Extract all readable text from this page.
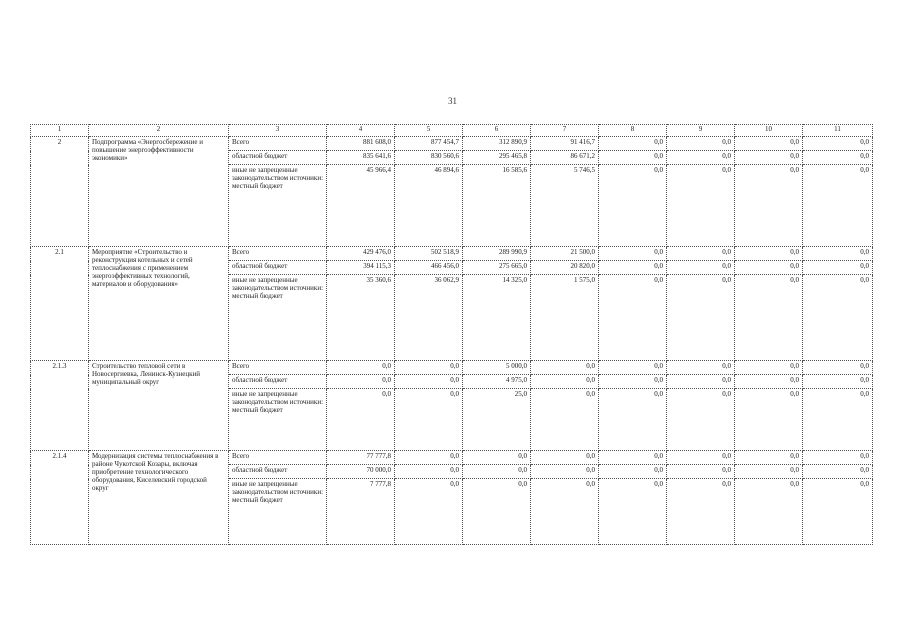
31
1	2	3	4	5	6	7	8	9	10	11
2	Подпрограмма «Энергосбережение и повышение энергоэффективности экономики»	Всего	881 608,0	877 454,7	312 890,9	91 416,7	0,0	0,0	0,0	0,0
		областной бюджет	835 641,6	830 560,6	295 465,8	86 671,2	0,0	0,0	0,0	0,0
		иные не запрещенные законодательством источники: местный бюджет	45 966,4	46 894,6	16 585,6	5 746,5	0,0	0,0	0,0	0,0
2.1	Мероприятие «Строительство и реконструкция котельных и сетей теплоснабжения с применением энергоэффективных технологий, материалов и оборудования»	Всего	429 476,0	502 518,9	289 990,9	21 500,0	0,0	0,0	0,0	0,0
		областной бюджет	394 115,3	466 456,0	275 665,0	20 820,0	0,0	0,0	0,0	0,0
		иные не запрещенные законодательством источники: местный бюджет	35 360,6	36 062,9	14 325,0	1 575,0	0,0	0,0	0,0	0,0
2.1.3	Строительство тепловой сети в Новосергиевка, Ленинск-Кузнецкий муниципальный округ	Всего	0,0	0,0	5 000,0	0,0	0,0	0,0	0,0	0,0
		областной бюджет	0,0	0,0	4 975,0	0,0	0,0	0,0	0,0	0,0
		иные не запрещенные законодательством источники: местный бюджет	0,0	0,0	25,0	0,0	0,0	0,0	0,0	0,0
2.1.4	Модернизация системы теплоснабжения в районе Чукотской Козары, включая приобретение технологического оборудования, Киселевский городской округ	Всего	77 777,8	0,0	0,0	0,0	0,0	0,0	0,0	0,0
		областной бюджет	70 000,0	0,0	0,0	0,0	0,0	0,0	0,0	0,0
		иные не запрещенные законодательством источники: местный бюджет	7 777,8	0,0	0,0	0,0	0,0	0,0	0,0	0,0
